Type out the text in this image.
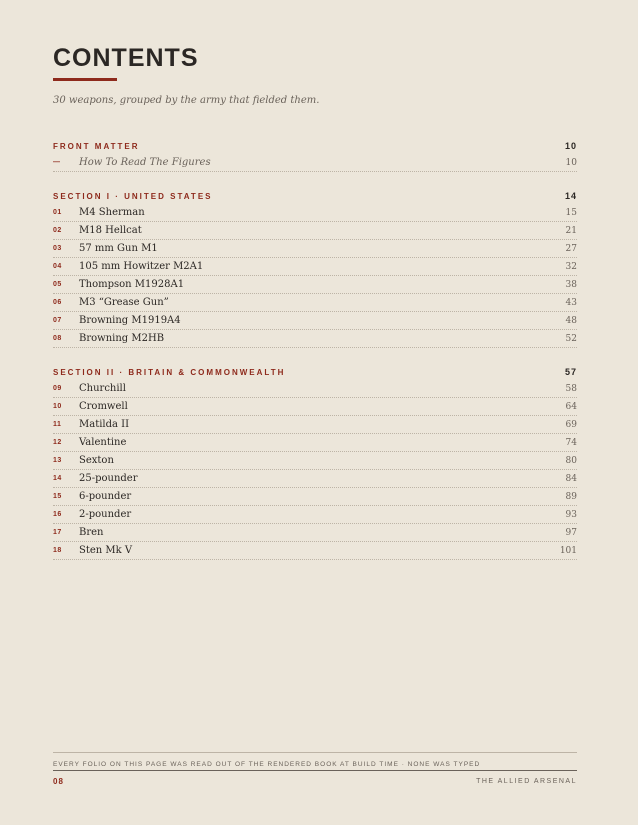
CONTENTS
30 weapons, grouped by the army that fielded them.
FRONT MATTER	10
—	How To Read The Figures	10
SECTION I · UNITED STATES	14
01	M4 Sherman	15
02	M18 Hellcat	21
03	57 mm Gun M1	27
04	105 mm Howitzer M2A1	32
05	Thompson M1928A1	38
06	M3 “Grease Gun”	43
07	Browning M1919A4	48
08	Browning M2HB	52
SECTION II · BRITAIN & COMMONWEALTH	57
09	Churchill	58
10	Cromwell	64
11	Matilda II	69
12	Valentine	74
13	Sexton	80
14	25-pounder	84
15	6-pounder	89
16	2-pounder	93
17	Bren	97
18	Sten Mk V	101
EVERY FOLIO ON THIS PAGE WAS READ OUT OF THE RENDERED BOOK AT BUILD TIME · NONE WAS TYPED
08	THE ALLIED ARSENAL
